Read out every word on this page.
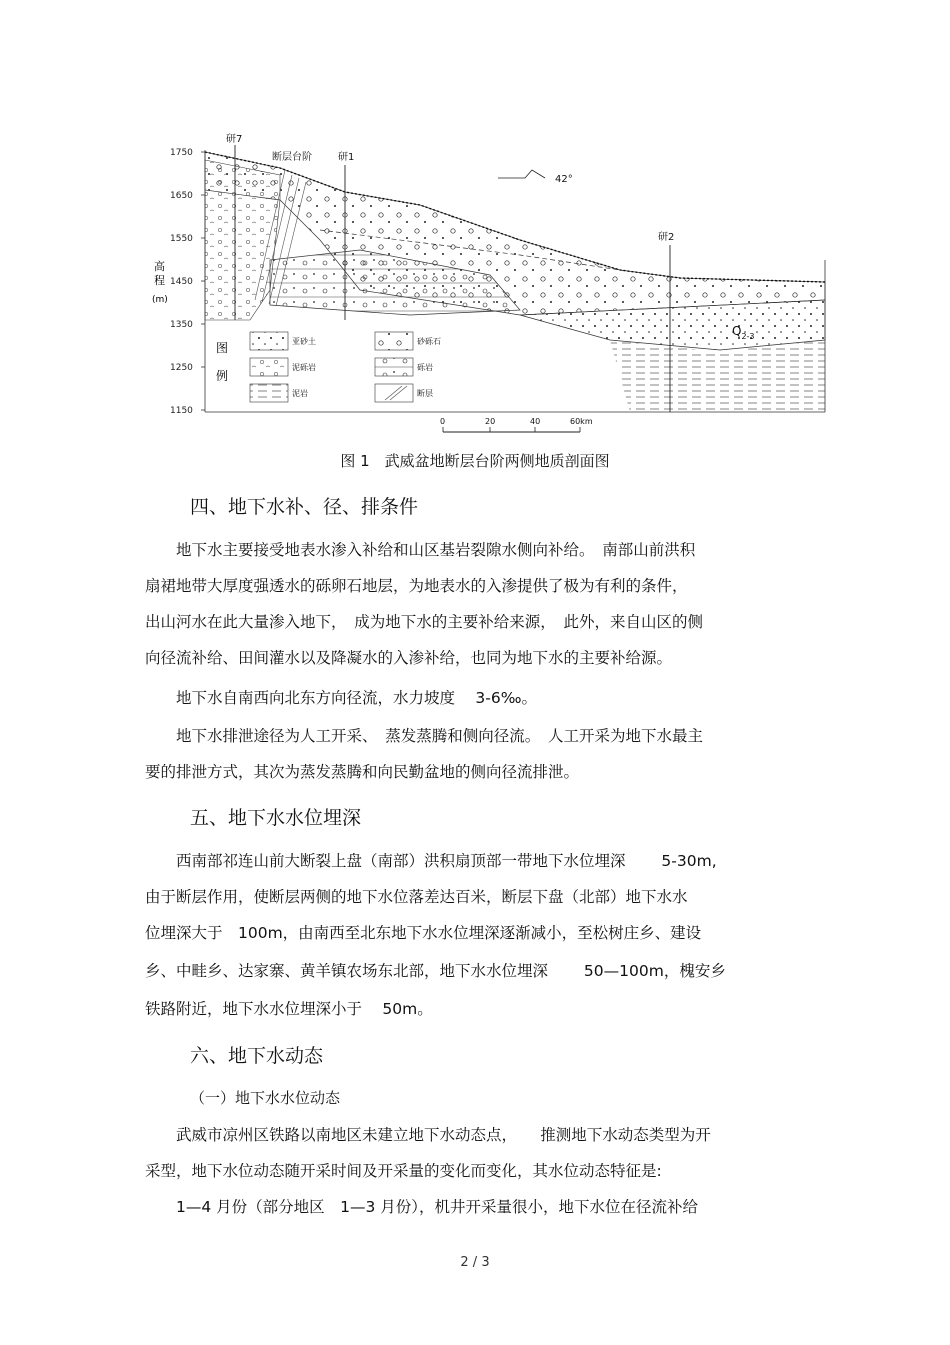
1750
1650
1550
1450
1350
1250
1150
高
程
(m)
研7
研1
研2
断层台阶
42°
$Q_{2-3}$
图
例
亚砂土
泥砾岩
泥岩
砂砾石
砾岩
断层
0	20	40	60km
图 1　武威盆地断层台阶两侧地质剖面图
四、地下水补、径、排条件
　　地下水主要接受地表水渗入补给和山区基岩裂隙水侧向补给。　南部山前洪积
扇裙地带大厚度强透水的砾卵石地层，为地表水的入渗提供了极为有利的条件，
出山河水在此大量渗入地下，　成为地下水的主要补给来源，　此外，来自山区的侧
向径流补给、田间灌水以及降凝水的入渗补给，也同为地下水的主要补给源。
　　地下水自南西向北东方向径流，水力坡度　 3-6‰。
　　地下水排泄途径为人工开采、　蒸发蒸腾和侧向径流。　人工开采为地下水最主
要的排泄方式，其次为蒸发蒸腾和向民勤盆地的侧向径流排泄。
五、地下水水位埋深
　　西南部祁连山前大断裂上盘（南部）洪积扇顶部一带地下水位埋深　　 5-30m,
由于断层作用，使断层两侧的地下水位落差达百米，断层下盘（北部）地下水水
位埋深大于　100m，由南西至北东地下水水位埋深逐渐减小，至松树庄乡、建设
乡、中畦乡、达家寨、黄羊镇农场东北部，地下水水位埋深　　 50—100m，槐安乡
铁路附近，地下水水位埋深小于　 50m。
六、地下水动态
（一）地下水水位动态
　　武威市凉州区铁路以南地区未建立地下水动态点，　　推测地下水动态类型为开
采型，地下水位动态随开采时间及开采量的变化而变化，其水位动态特征是:
　　1—4 月份（部分地区　1—3 月份），机井开采量很小，地下水位在径流补给
2 / 3
